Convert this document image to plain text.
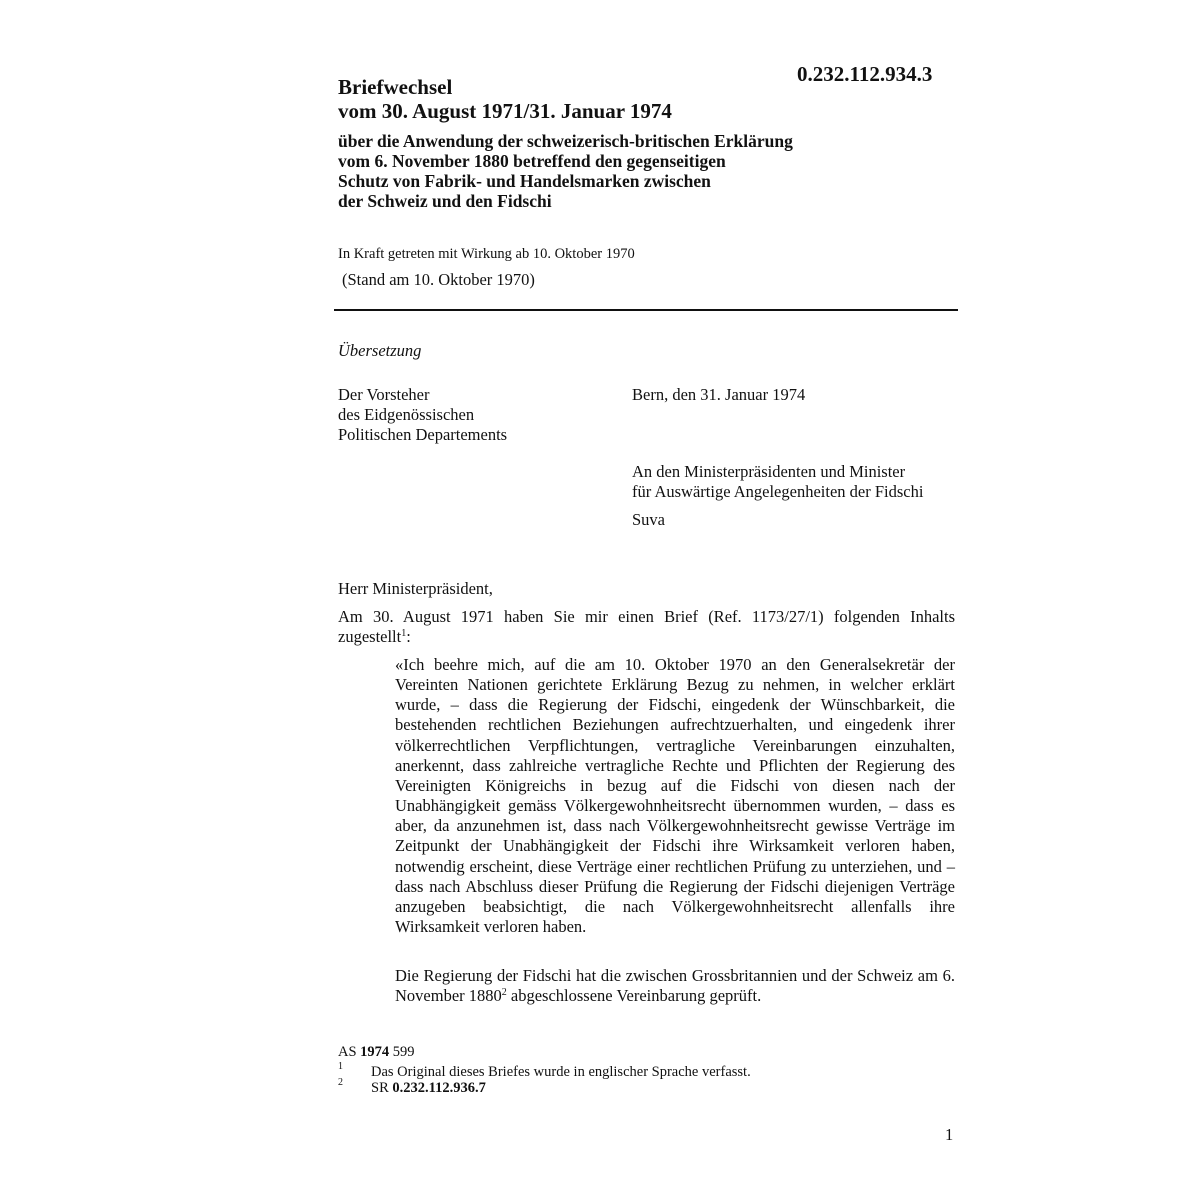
0.232.112.934.3
Briefwechsel
vom 30. August 1971/31. Januar 1974
über die Anwendung der schweizerisch-britischen Erklärung
vom 6. November 1880 betreffend den gegenseitigen
Schutz von Fabrik- und Handelsmarken zwischen
der Schweiz und den Fidschi
In Kraft getreten mit Wirkung ab 10. Oktober 1970
(Stand am 10. Oktober 1970)
Übersetzung
Der Vorsteher
des Eidgenössischen
Politischen Departements
Bern, den 31. Januar 1974
An den Ministerpräsidenten und Minister
für Auswärtige Angelegenheiten der Fidschi
Suva
Herr Ministerpräsident,
Am 30. August 1971 haben Sie mir einen Brief (Ref. 1173/27/1) folgenden Inhalts zugestellt$^1$:
«Ich beehre mich, auf die am 10. Oktober 1970 an den Generalsekretär der Vereinten Nationen gerichtete Erklärung Bezug zu nehmen, in welcher erklärt wurde, – dass die Regierung der Fidschi, eingedenk der Wünschbarkeit, die bestehenden rechtlichen Beziehungen aufrechtzuerhalten, und eingedenk ihrer völkerrechtlichen Verpflichtungen, vertragliche Vereinbarungen einzuhalten, anerkennt, dass zahlreiche vertragliche Rechte und Pflichten der Regierung des Vereinigten Königreichs in bezug auf die Fidschi von diesen nach der Unabhängigkeit gemäss Völkergewohnheitsrecht übernommen wurden, – dass es aber, da anzunehmen ist, dass nach Völkergewohnheitsrecht gewisse Verträge im Zeitpunkt der Unabhängigkeit der Fidschi ihre Wirksamkeit verloren haben, notwendig erscheint, diese Verträge einer rechtlichen Prüfung zu unterziehen, und – dass nach Abschluss dieser Prüfung die Regierung der Fidschi diejenigen Verträge anzugeben beabsichtigt, die nach Völkergewohnheitsrecht allenfalls ihre Wirksamkeit verloren haben.
Die Regierung der Fidschi hat die zwischen Grossbritannien und der Schweiz am 6. November 1880$^2$ abgeschlossene Vereinbarung geprüft.
AS 1974 599
1 Das Original dieses Briefes wurde in englischer Sprache verfasst.
2 SR 0.232.112.936.7
1
